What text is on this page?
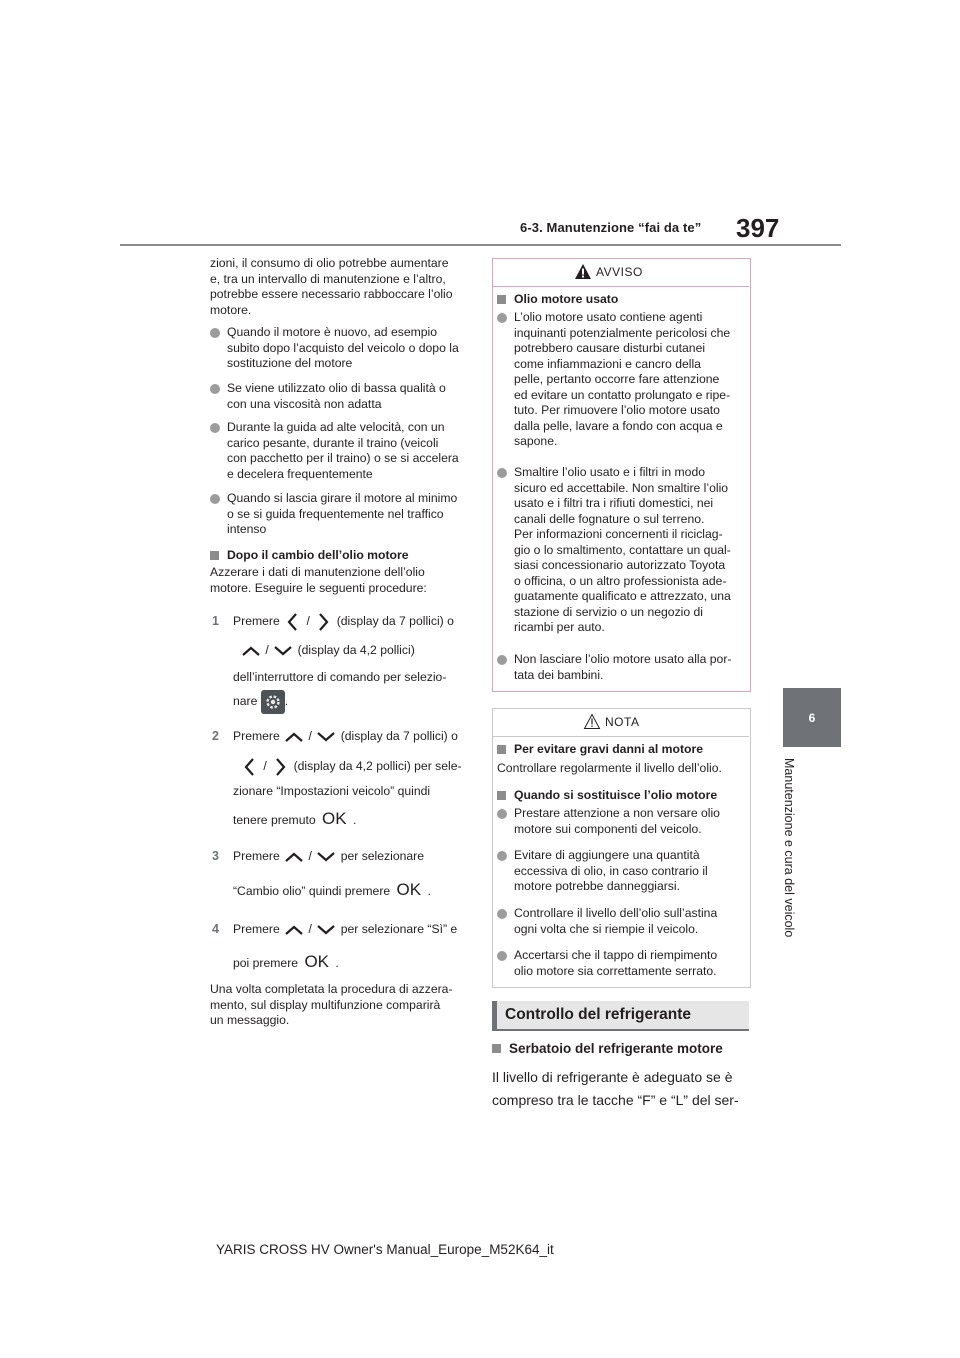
6-3. Manutenzione “fai da te” 397
6
Manutenzione e cura del veicolo
zioni, il consumo di olio potrebbe aumentare
e, tra un intervallo di manutenzione e l’altro,
potrebbe essere necessario rabboccare l’olio
motore.
Quando il motore è nuovo, ad esempio
subito dopo l’acquisto del veicolo o dopo la
sostituzione del motore
Se viene utilizzato olio di bassa qualità o
con una viscosità non adatta
Durante la guida ad alte velocità, con un
carico pesante, durante il traino (veicoli
con pacchetto per il traino) o se si accelera
e decelera frequentemente
Quando si lascia girare il motore al minimo
o se si guida frequentemente nel traffico
intenso
Dopo il cambio dell’olio motore
Azzerare i dati di manutenzione dell’olio
motore. Eseguire le seguenti procedure:
1 Premere / (display da 7 pollici) o
/ (display da 4,2 pollici)
dell’interruttore di comando per selezio-
nare .
2 Premere / (display da 7 pollici) o
/ (display da 4,2 pollici) per sele-
zionare “Impostazioni veicolo” quindi
tenere premuto OK .
3 Premere / per selezionare
“Cambio olio” quindi premere OK .
4 Premere / per selezionare “Sì” e
poi premere OK .
Una volta completata la procedura di azzera-
mento, sul display multifunzione comparirà
un messaggio.
AVVISO
Olio motore usato
L’olio motore usato contiene agenti
inquinanti potenzialmente pericolosi che
potrebbero causare disturbi cutanei
come infiammazioni e cancro della
pelle, pertanto occorre fare attenzione
ed evitare un contatto prolungato e ripe-
tuto. Per rimuovere l’olio motore usato
dalla pelle, lavare a fondo con acqua e
sapone.
Smaltire l’olio usato e i filtri in modo
sicuro ed accettabile. Non smaltire l’olio
usato e i filtri tra i rifiuti domestici, nei
canali delle fognature o sul terreno.
Per informazioni concernenti il riciclag-
gio o lo smaltimento, contattare un qual-
siasi concessionario autorizzato Toyota
o officina, o un altro professionista ade-
guatamente qualificato e attrezzato, una
stazione di servizio o un negozio di
ricambi per auto.
Non lasciare l’olio motore usato alla por-
tata dei bambini.
NOTA
Per evitare gravi danni al motore
Controllare regolarmente il livello dell’olio.
Quando si sostituisce l’olio motore
Prestare attenzione a non versare olio
motore sui componenti del veicolo.
Evitare di aggiungere una quantità
eccessiva di olio, in caso contrario il
motore potrebbe danneggiarsi.
Controllare il livello dell’olio sull’astina
ogni volta che si riempie il veicolo.
Accertarsi che il tappo di riempimento
olio motore sia correttamente serrato.
Controllo del refrigerante
Serbatoio del refrigerante motore
Il livello di refrigerante è adeguato se è
compreso tra le tacche “F” e “L” del ser-
YARIS CROSS HV Owner's Manual_Europe_M52K64_it
